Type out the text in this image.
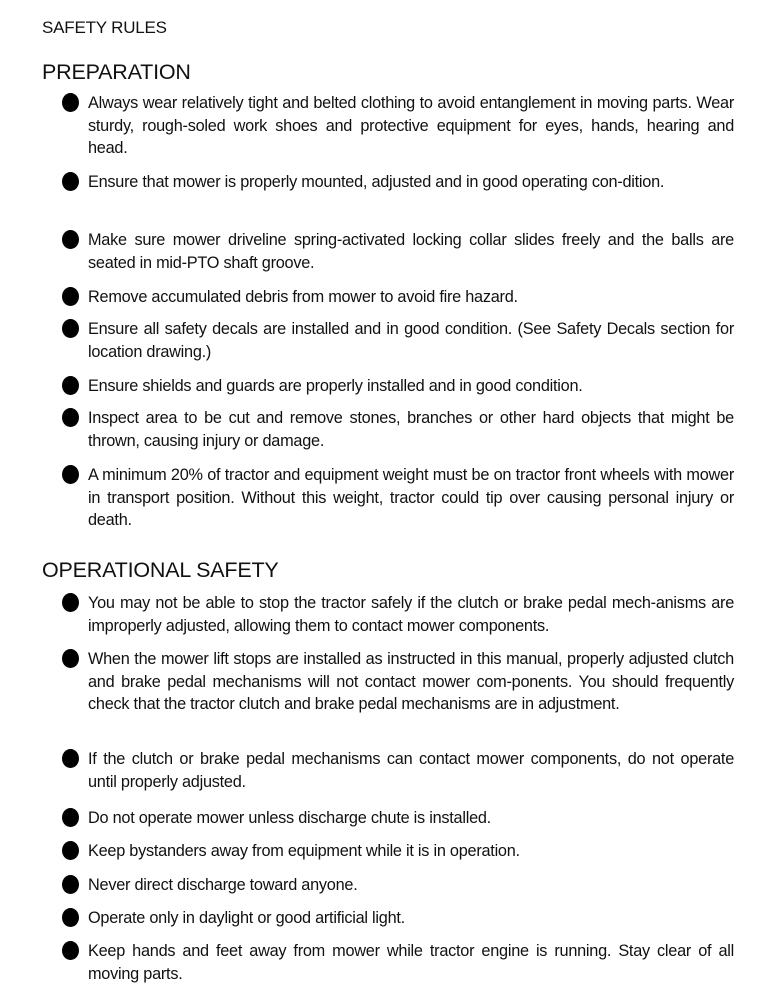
SAFETY RULES
PREPARATION
Always wear relatively tight and belted clothing to avoid entanglement in moving parts. Wear sturdy, rough-soled work shoes and protective equipment for eyes, hands, hearing and head.
Ensure that mower is properly mounted, adjusted and in good operating con-dition.
Make sure mower driveline spring-activated locking collar slides freely and the balls are seated in mid-PTO shaft groove.
Remove accumulated debris from mower to avoid fire hazard.
Ensure all safety decals are installed and in good condition. (See Safety Decals section for location drawing.)
Ensure shields and guards are properly installed and in good condition.
Inspect area to be cut and remove stones, branches or other hard objects that might be thrown, causing injury or damage.
A minimum 20% of tractor and equipment weight must be on tractor front wheels with mower in transport position. Without this weight, tractor could tip over causing personal injury or death.
OPERATIONAL SAFETY
You may not be able to stop the tractor safely if the clutch or brake pedal mech-anisms are improperly adjusted, allowing them to contact mower components.
When the mower lift stops are installed as instructed in this manual, properly adjusted clutch and brake pedal mechanisms will not contact mower com-ponents. You should frequently check that the tractor clutch and brake pedal mechanisms are in adjustment.
If the clutch or brake pedal mechanisms can contact mower components, do not operate until properly adjusted.
Do not operate mower unless discharge chute is installed.
Keep bystanders away from equipment while it is in operation.
Never direct discharge toward anyone.
Operate only in daylight or good artificial light.
Keep hands and feet away from mower while tractor engine is running. Stay clear of all moving parts.
